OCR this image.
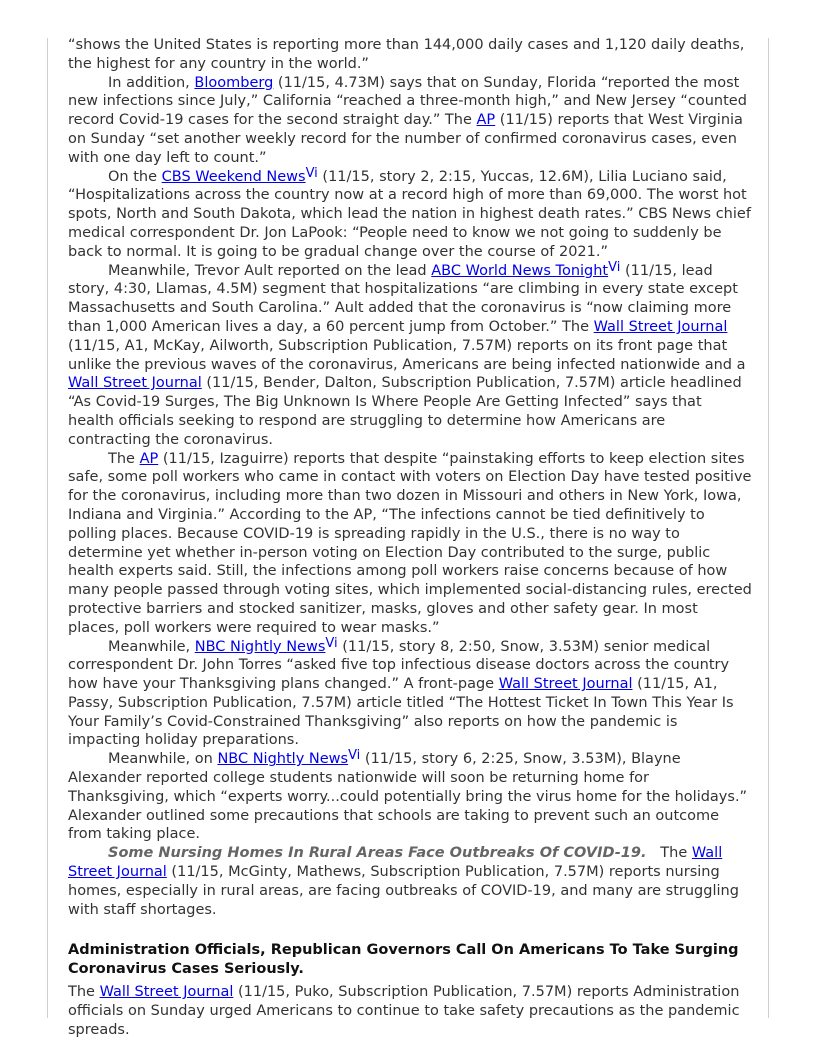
“shows the United States is reporting more than 144,000 daily cases and 1,120 daily deaths, the highest for any country in the world.”

In addition, Bloomberg (11/15, 4.73M) says that on Sunday, Florida “reported the most new infections since July,” California “reached a three-month high,” and New Jersey “counted record Covid-19 cases for the second straight day.” The AP (11/15) reports that West Virginia on Sunday “set another weekly record for the number of confirmed coronavirus cases, even with one day left to count.”

On the CBS Weekend NewsVi (11/15, story 2, 2:15, Yuccas, 12.6M), Lilia Luciano said, “Hospitalizations across the country now at a record high of more than 69,000. The worst hot spots, North and South Dakota, which lead the nation in highest death rates.” CBS News chief medical correspondent Dr. Jon LaPook: “People need to know we not going to suddenly be back to normal. It is going to be gradual change over the course of 2021.”

Meanwhile, Trevor Ault reported on the lead ABC World News TonightVi (11/15, lead story, 4:30, Llamas, 4.5M) segment that hospitalizations “are climbing in every state except Massachusetts and South Carolina.” Ault added that the coronavirus is “now claiming more than 1,000 American lives a day, a 60 percent jump from October.” The Wall Street Journal (11/15, A1, McKay, Ailworth, Subscription Publication, 7.57M) reports on its front page that unlike the previous waves of the coronavirus, Americans are being infected nationwide and a Wall Street Journal (11/15, Bender, Dalton, Subscription Publication, 7.57M) article headlined “As Covid-19 Surges, The Big Unknown Is Where People Are Getting Infected” says that health officials seeking to respond are struggling to determine how Americans are contracting the coronavirus.

The AP (11/15, Izaguirre) reports that despite “painstaking efforts to keep election sites safe, some poll workers who came in contact with voters on Election Day have tested positive for the coronavirus, including more than two dozen in Missouri and others in New York, Iowa, Indiana and Virginia.” According to the AP, “The infections cannot be tied definitively to polling places. Because COVID-19 is spreading rapidly in the U.S., there is no way to determine yet whether in-person voting on Election Day contributed to the surge, public health experts said. Still, the infections among poll workers raise concerns because of how many people passed through voting sites, which implemented social-distancing rules, erected protective barriers and stocked sanitizer, masks, gloves and other safety gear. In most places, poll workers were required to wear masks.”

Meanwhile, NBC Nightly NewsVi (11/15, story 8, 2:50, Snow, 3.53M) senior medical correspondent Dr. John Torres “asked five top infectious disease doctors across the country how have your Thanksgiving plans changed.” A front-page Wall Street Journal (11/15, A1, Passy, Subscription Publication, 7.57M) article titled “The Hottest Ticket In Town This Year Is Your Family’s Covid-Constrained Thanksgiving” also reports on how the pandemic is impacting holiday preparations.

Meanwhile, on NBC Nightly NewsVi (11/15, story 6, 2:25, Snow, 3.53M), Blayne Alexander reported college students nationwide will soon be returning home for Thanksgiving, which “experts worry...could potentially bring the virus home for the holidays.” Alexander outlined some precautions that schools are taking to prevent such an outcome from taking place.

Some Nursing Homes In Rural Areas Face Outbreaks Of COVID-19.   The Wall Street Journal (11/15, McGinty, Mathews, Subscription Publication, 7.57M) reports nursing homes, especially in rural areas, are facing outbreaks of COVID-19, and many are struggling with staff shortages.

Administration Officials, Republican Governors Call On Americans To Take Surging Coronavirus Cases Seriously.

The Wall Street Journal (11/15, Puko, Subscription Publication, 7.57M) reports Administration officials on Sunday urged Americans to continue to take safety precautions as the pandemic spreads.
